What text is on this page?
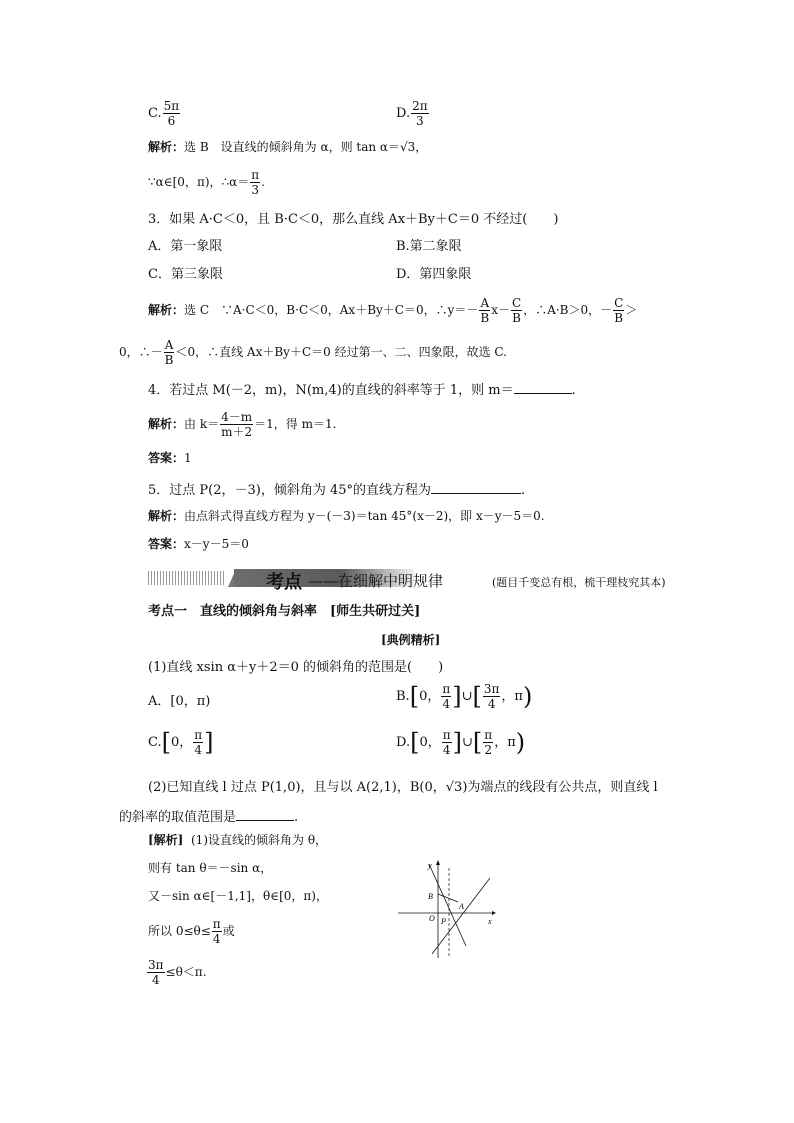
C. $\frac{5\pi}{6}$	D. $\frac{2\pi}{3}$
解析：选 B　设直线的倾斜角为 α，则 tan α＝√3，
∵α∈[0，π)，∴α＝ $\frac{\pi}{3}$ .
3．如果 A·C＜0，且 B·C＜0，那么直线 Ax＋By＋C＝0 不经过(　　)
A．第一象限	B.第二象限
C．第三象限	D．第四象限
解析：选 C　∵A·C＜0，B·C＜0，Ax＋By＋C＝0，∴y＝－ $\frac{A}{B} x- \frac{C}{B}$ ，∴A·B＞0，－ $\frac{C}{B}$ ＞
0，∴－ $\frac{A}{B} <0$，∴直线 Ax＋By＋C＝0 经过第一、二、四象限，故选 C.
4．若过点 M(－2，m)，N(m,4)的直线的斜率等于 1，则 m＝	.
解析：由 $k= \frac{4-m}{m+2} =1$，得 m＝1.
答案：1
5．过点 P(2，－3)，倾斜角为 45°的直线方程为	.
解析：由点斜式得直线方程为 y－(－3)＝tan 45°(x－2)，即 x－y－5＝0.
答案：x－y－5＝0
考点 ——在细解中明规律	(题目千变总有根，梳干理枝究其本)
考点一　直线的倾斜角与斜率　[师生共研过关]
[典例精析]
(1)直线 xsin α＋y＋2＝0 的倾斜角的范围是(　　)
A．[0，π)	B.[0， $\frac{\pi}{4}$ ]∪[ $\frac{3\pi}{4}$ ，π)
C.[0， $\frac{\pi}{4}$ ]	D.[0， $\frac{\pi}{4}$ ]∪[ $\frac{\pi}{2}$ ，π)
(2)已知直线 l 过点 P(1,0)，且与以 A(2,1)，B(0，√3)为端点的线段有公共点，则直线 l
的斜率的取值范围是	.
[解析] (1)设直线的倾斜角为 θ，
则有 tan θ＝－sin α，
又－sin α∈[－1,1]，θ∈[0，π)，
所以 $0\le\theta\le \frac{\pi}{4}$ 或
$\frac{3\pi}{4} \le\theta<\pi$.
y
x
O
B
A
P
